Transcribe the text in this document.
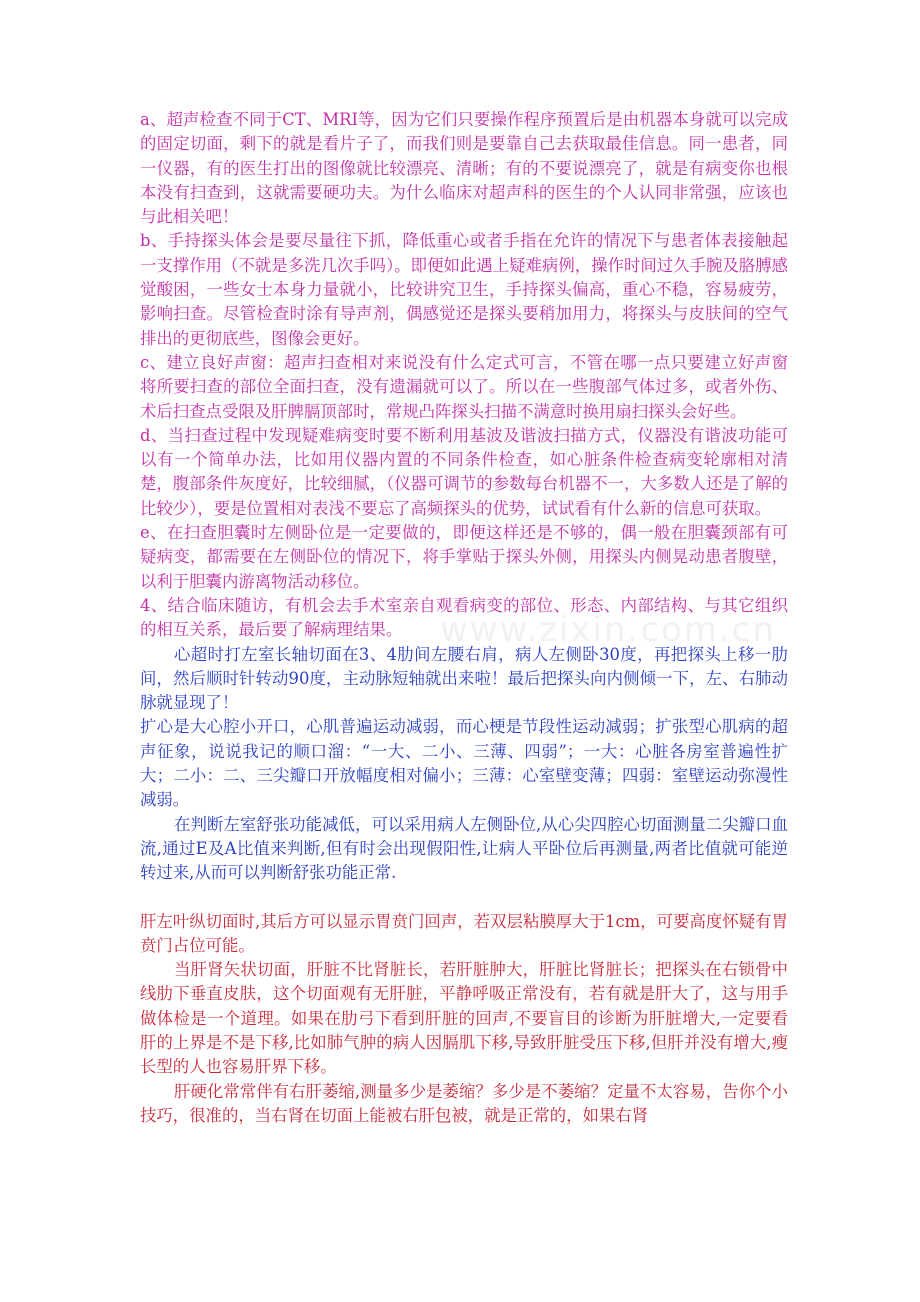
www.zixin.com.cn

a、超声检查不同于CT、MRI等，因为它们只要操作程序预置后是由机器本身就可以完成的固定切面，剩下的就是看片子了，而我们则是要靠自己去获取最佳信息。同一患者，同一仪器，有的医生打出的图像就比较漂亮、清晰；有的不要说漂亮了，就是有病变你也根本没有扫查到，这就需要硬功夫。为什么临床对超声科的医生的个人认同非常强，应该也与此相关吧！

b、手持探头体会是要尽量往下抓，降低重心或者手指在允许的情况下与患者体表接触起一支撑作用（不就是多洗几次手吗）。即便如此遇上疑难病例，操作时间过久手腕及胳膊感觉酸困，一些女士本身力量就小，比较讲究卫生，手持探头偏高，重心不稳，容易疲劳，影响扫查。尽管检查时涂有导声剂，偶感觉还是探头要稍加用力，将探头与皮肤间的空气排出的更彻底些，图像会更好。

c、建立良好声窗：超声扫查相对来说没有什么定式可言，不管在哪一点只要建立好声窗将所要扫查的部位全面扫查，没有遗漏就可以了。所以在一些腹部气体过多，或者外伤、术后扫查点受限及肝脾膈顶部时，常规凸阵探头扫描不满意时换用扇扫探头会好些。

d、当扫查过程中发现疑难病变时要不断利用基波及谐波扫描方式，仪器没有谐波功能可以有一个简单办法，比如用仪器内置的不同条件检查，如心脏条件检查病变轮廓相对清楚，腹部条件灰度好，比较细腻，（仪器可调节的参数每台机器不一，大多数人还是了解的比较少），要是位置相对表浅不要忘了高频探头的优势，试试看有什么新的信息可获取。

e、在扫查胆囊时左侧卧位是一定要做的，即便这样还是不够的，偶一般在胆囊颈部有可疑病变，都需要在左侧卧位的情况下，将手掌贴于探头外侧，用探头内侧晃动患者腹壁，以利于胆囊内游离物活动移位。

4、结合临床随访，有机会去手术室亲自观看病变的部位、形态、内部结构、与其它组织的相互关系，最后要了解病理结果。

心超时打左室长轴切面在3、4肋间左腰右肩，病人左侧卧30度，再把探头上移一肋间，然后顺时针转动90度，主动脉短轴就出来啦！最后把探头向内侧倾一下，左、右肺动脉就显现了！

扩心是大心腔小开口，心肌普遍运动减弱，而心梗是节段性运动减弱；扩张型心肌病的超声征象，说说我记的顺口溜：“一大、二小、三薄、四弱”；一大：心脏各房室普遍性扩大；二小：二、三尖瓣口开放幅度相对偏小；三薄：心室壁变薄；四弱：室壁运动弥漫性减弱。

在判断左室舒张功能减低，可以采用病人左侧卧位,从心尖四腔心切面测量二尖瓣口血流,通过E及A比值来判断,但有时会出现假阳性,让病人平卧位后再测量,两者比值就可能逆转过来,从而可以判断舒张功能正常.

肝左叶纵切面时,其后方可以显示胃贲门回声，若双层粘膜厚大于1cm，可要高度怀疑有胃贲门占位可能。

当肝肾矢状切面，肝脏不比肾脏长，若肝脏肿大，肝脏比肾脏长；把探头在右锁骨中线肋下垂直皮肤，这个切面观有无肝脏，平静呼吸正常没有，若有就是肝大了，这与用手做体检是一个道理。如果在肋弓下看到肝脏的回声,不要盲目的诊断为肝脏增大,一定要看肝的上界是不是下移,比如肺气肿的病人因膈肌下移,导致肝脏受压下移,但肝并没有增大,瘦长型的人也容易肝界下移。

肝硬化常常伴有右肝萎缩,测量多少是萎缩？多少是不萎缩？定量不太容易，告你个小技巧，很准的，当右肾在切面上能被右肝包被，就是正常的，如果右肾
